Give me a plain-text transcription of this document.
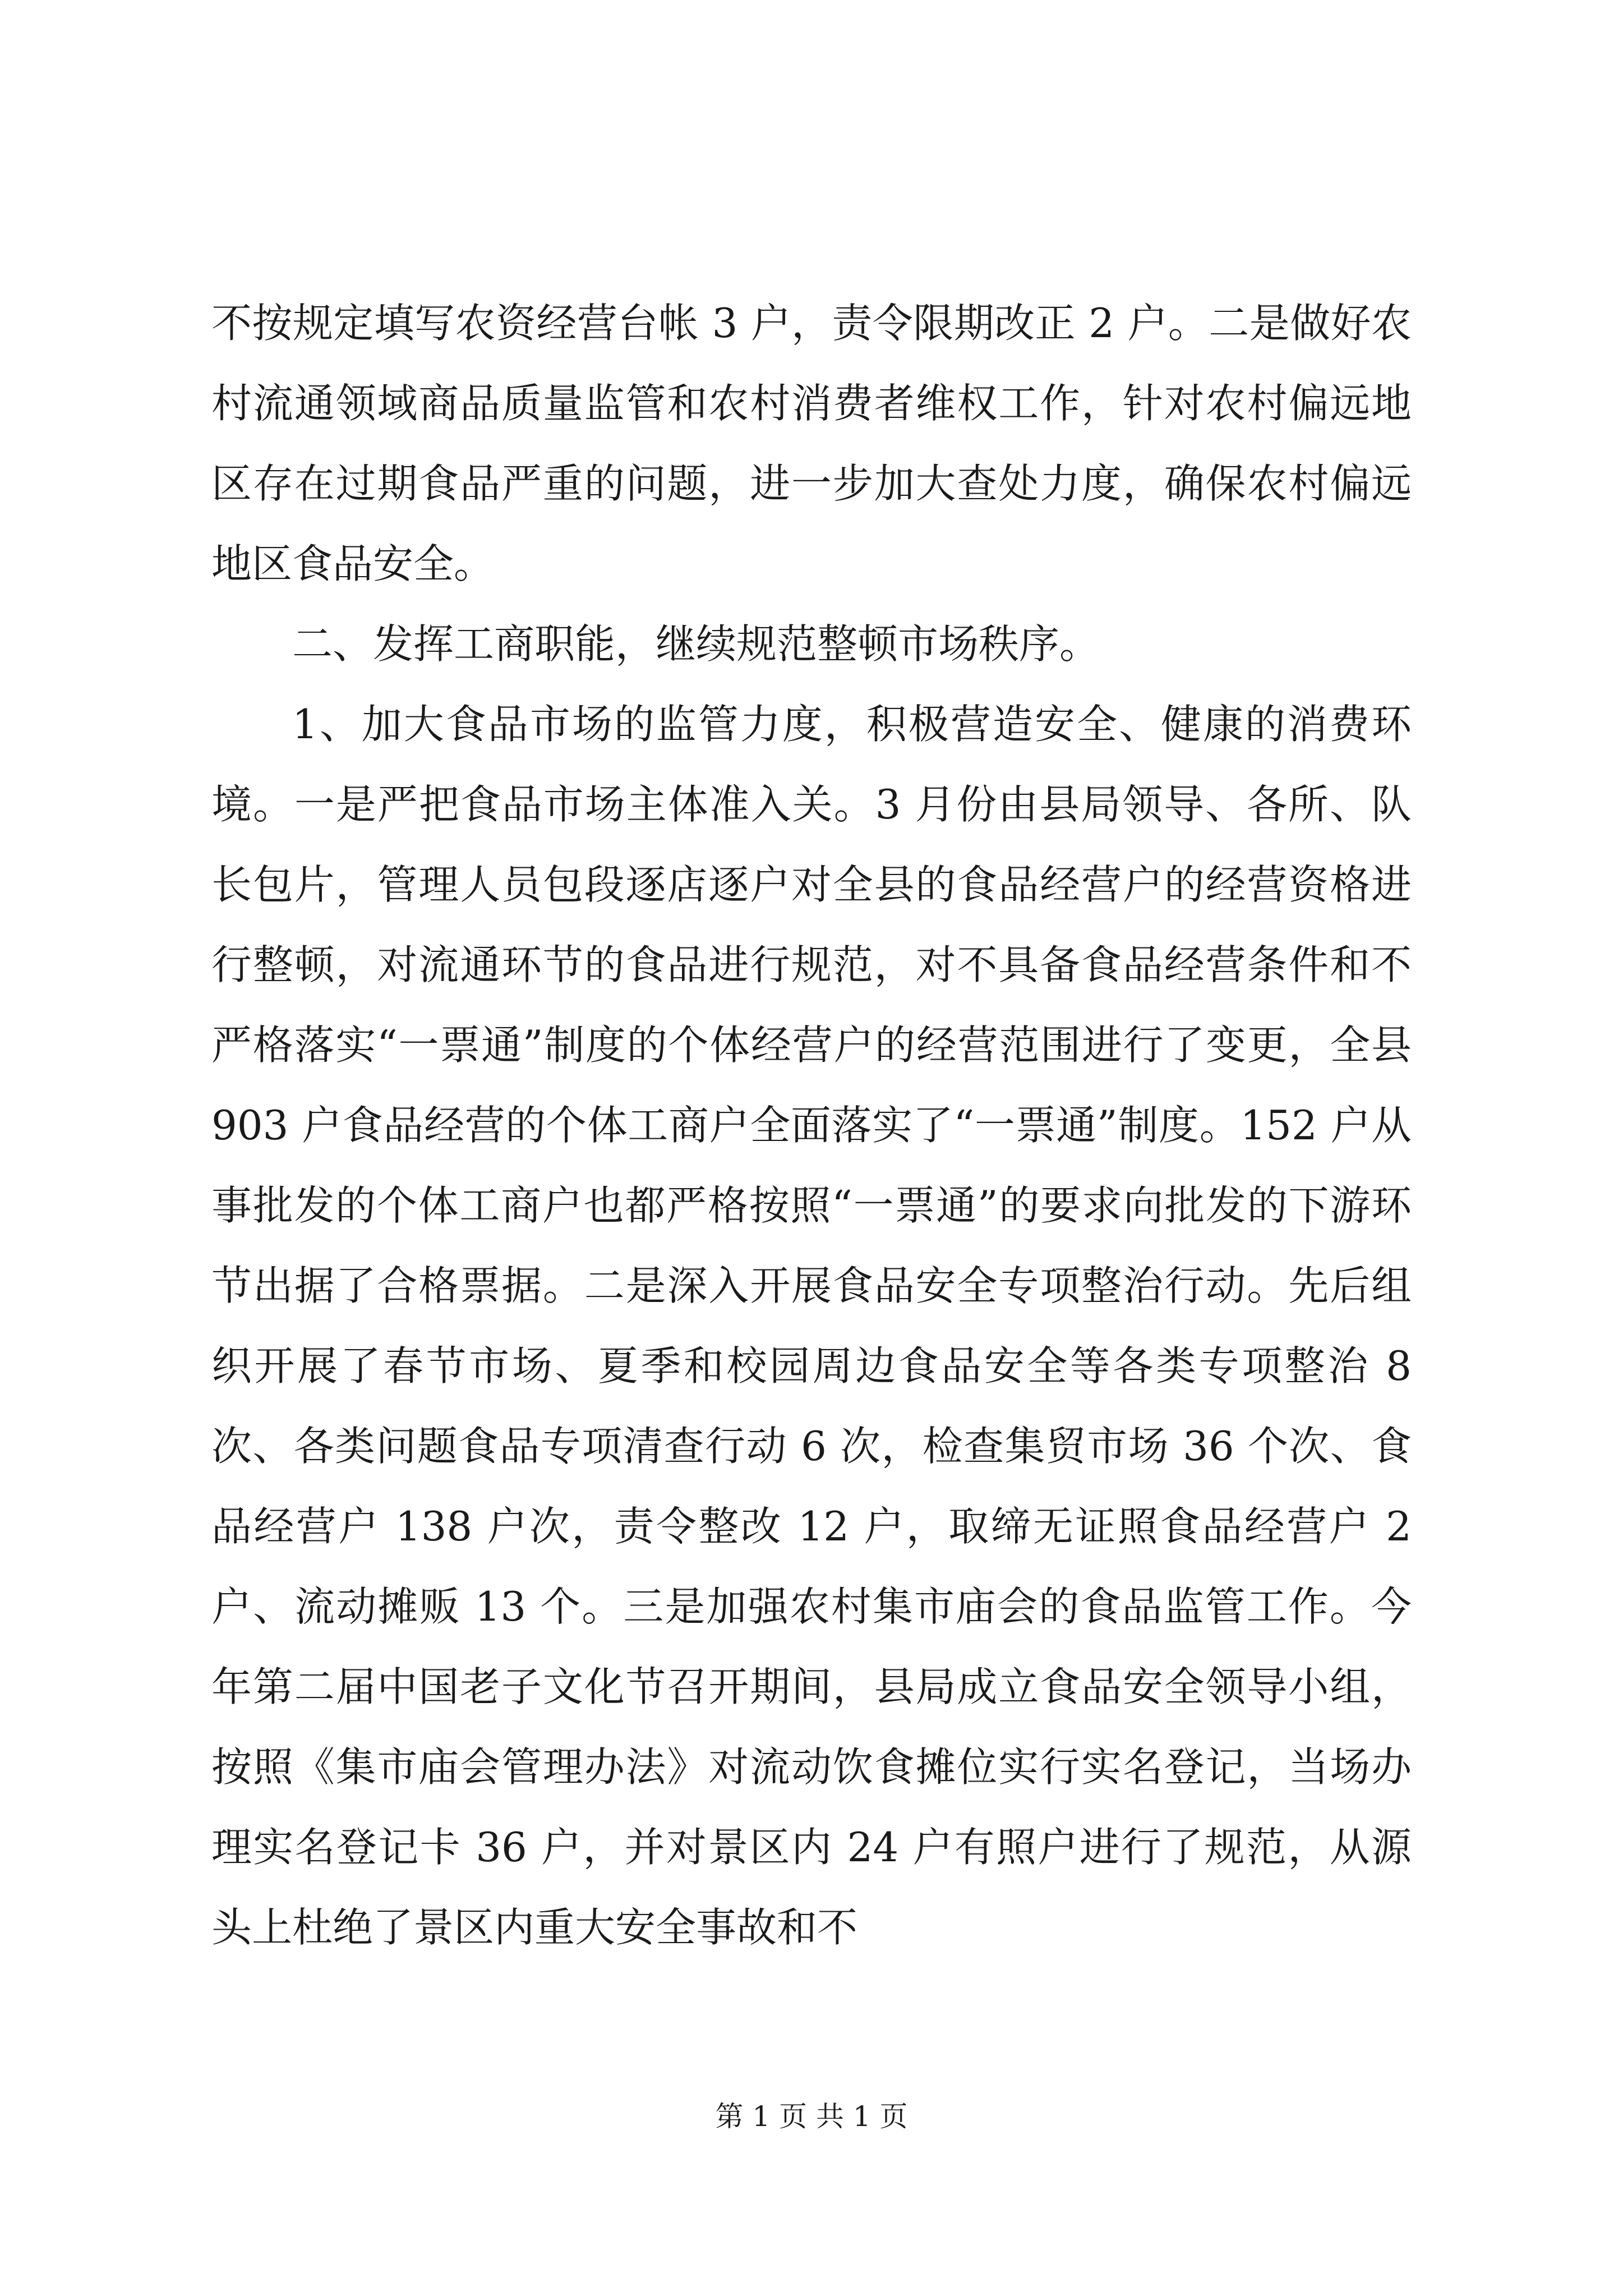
不按规定填写农资经营台帐 3 户，责令限期改正 2 户。二是做好农村流通领域商品质量监管和农村消费者维权工作，针对农村偏远地区存在过期食品严重的问题，进一步加大查处力度，确保农村偏远地区食品安全。

二、发挥工商职能，继续规范整顿市场秩序。

1、加大食品市场的监管力度，积极营造安全、健康的消费环境。一是严把食品市场主体准入关。3 月份由县局领导、各所、队长包片，管理人员包段逐店逐户对全县的食品经营户的经营资格进行整顿，对流通环节的食品进行规范，对不具备食品经营条件和不严格落实“一票通”制度的个体经营户的经营范围进行了变更，全县 903 户食品经营的个体工商户全面落实了“一票通”制度。152 户从事批发的个体工商户也都严格按照“一票通”的要求向批发的下游环节出据了合格票据。二是深入开展食品安全专项整治行动。先后组织开展了春节市场、夏季和校园周边食品安全等各类专项整治 8 次、各类问题食品专项清查行动 6 次，检查集贸市场 36 个次、食品经营户 138 户次，责令整改 12 户，取缔无证照食品经营户 2 户、流动摊贩 13 个。三是加强农村集市庙会的食品监管工作。今年第二届中国老子文化节召开期间，县局成立食品安全领导小组，按照《集市庙会管理办法》对流动饮食摊位实行实名登记，当场办理实名登记卡 36 户，并对景区内 24 户有照户进行了规范，从源头上杜绝了景区内重大安全事故和不

第 1 页 共 1 页
